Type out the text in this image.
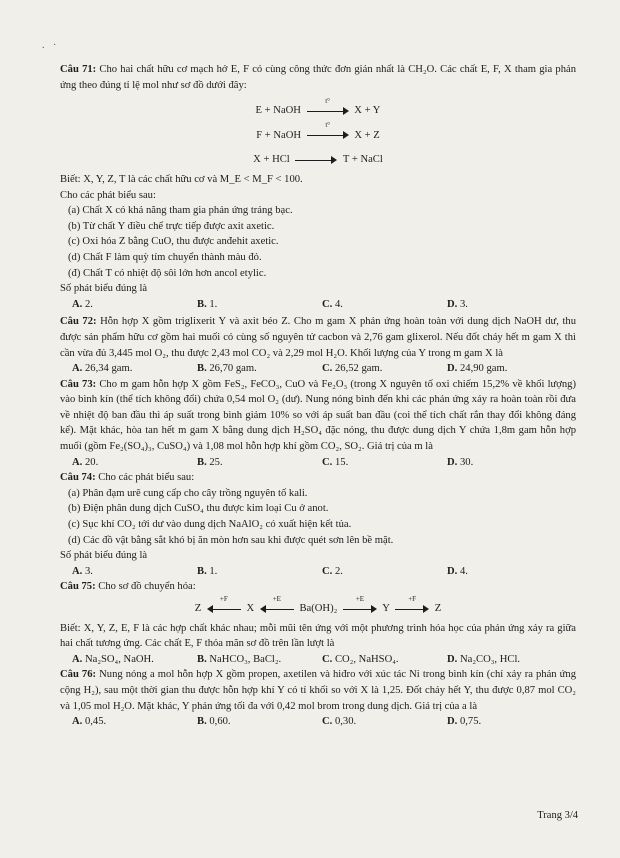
. ·

Câu 71: Cho hai chất hữu cơ mạch hở E, F có cùng công thức đơn giản nhất là CH₂O. Các chất E, F, X tham gia phản ứng theo đúng tỉ lệ mol như sơ đồ dưới đây:

E + NaOH
t°
X + Y

F + NaOH
t°
X + Z

X + HCl	T + NaCl

Biết: X, Y, Z, T là các chất hữu cơ và M_E < M_F < 100.

Cho các phát biểu sau:

(a) Chất X có khả năng tham gia phản ứng tráng bạc.

(b) Từ chất Y điều chế trực tiếp được axit axetic.

(c) Oxi hóa Z bằng CuO, thu được anđehit axetic.

(d) Chất F làm quỳ tím chuyển thành màu đỏ.

(đ) Chất T có nhiệt độ sôi lớn hơn ancol etylic.

Số phát biểu đúng là

A. 2.	B. 1.	C. 4.	D. 3.

Câu 72: Hỗn hợp X gồm triglixerit Y và axit béo Z. Cho m gam X phản ứng hoàn toàn với dung dịch NaOH dư, thu được sản phẩm hữu cơ gồm hai muối có cùng số nguyên tử cacbon và 2,76 gam glixerol. Nếu đốt cháy hết m gam X thì cần vừa đủ 3,445 mol O₂, thu được 2,43 mol CO₂ và 2,29 mol H₂O. Khối lượng của Y trong m gam X là

A. 26,34 gam.	B. 26,70 gam.	C. 26,52 gam.	D. 24,90 gam.

Câu 73: Cho m gam hỗn hợp X gồm FeS₂, FeCO₃, CuO và Fe₂O₃ (trong X nguyên tố oxi chiếm 15,2% về khối lượng) vào bình kín (thể tích không đổi) chứa 0,54 mol O₂ (dư). Nung nóng bình đến khi các phản ứng xảy ra hoàn toàn rồi đưa về nhiệt độ ban đầu thì áp suất trong bình giảm 10% so với áp suất ban đầu (coi thể tích chất rắn thay đổi không đáng kể). Mặt khác, hòa tan hết m gam X bằng dung dịch H₂SO₄ đặc nóng, thu được dung dịch Y chứa 1,8m gam hỗn hợp muối (gồm Fe₂(SO₄)₃, CuSO₄) và 1,08 mol hỗn hợp khí gồm CO₂, SO₂. Giá trị của m là

A. 20.	B. 25.	C. 15.	D. 30.

Câu 74: Cho các phát biểu sau:

(a) Phân đạm urê cung cấp cho cây trồng nguyên tố kali.

(b) Điện phân dung dịch CuSO₄ thu được kim loại Cu ở anot.

(c) Sục khí CO₂ tới dư vào dung dịch NaAlO₂ có xuất hiện kết tủa.

(d) Các đồ vật bằng sắt khó bị ăn mòn hơn sau khi được quét sơn lên bề mặt.

Số phát biểu đúng là

A. 3.	B. 1.	C. 2.	D. 4.

Câu 75: Cho sơ đồ chuyển hóa:

Z
+F
X
+E
Ba(OH)₂
+E
Y
+F
Z

Biết: X, Y, Z, E, F là các hợp chất khác nhau; mỗi mũi tên ứng với một phương trình hóa học của phản ứng xảy ra giữa hai chất tương ứng. Các chất E, F thỏa mãn sơ đồ trên lần lượt là

A. Na₂SO₄, NaOH.	B. NaHCO₃, BaCl₂.	C. CO₂, NaHSO₄.	D. Na₂CO₃, HCl.

Câu 76: Nung nóng a mol hỗn hợp X gồm propen, axetilen và hiđro với xúc tác Ni trong bình kín (chỉ xảy ra phản ứng cộng H₂), sau một thời gian thu được hỗn hợp khí Y có tỉ khối so với X là 1,25. Đốt cháy hết Y, thu được 0,87 mol CO₂ và 1,05 mol H₂O. Mặt khác, Y phản ứng tối đa với 0,42 mol brom trong dung dịch. Giá trị của a là

A. 0,45.	B. 0,60.	C. 0,30.	D. 0,75.
Trang 3/4
